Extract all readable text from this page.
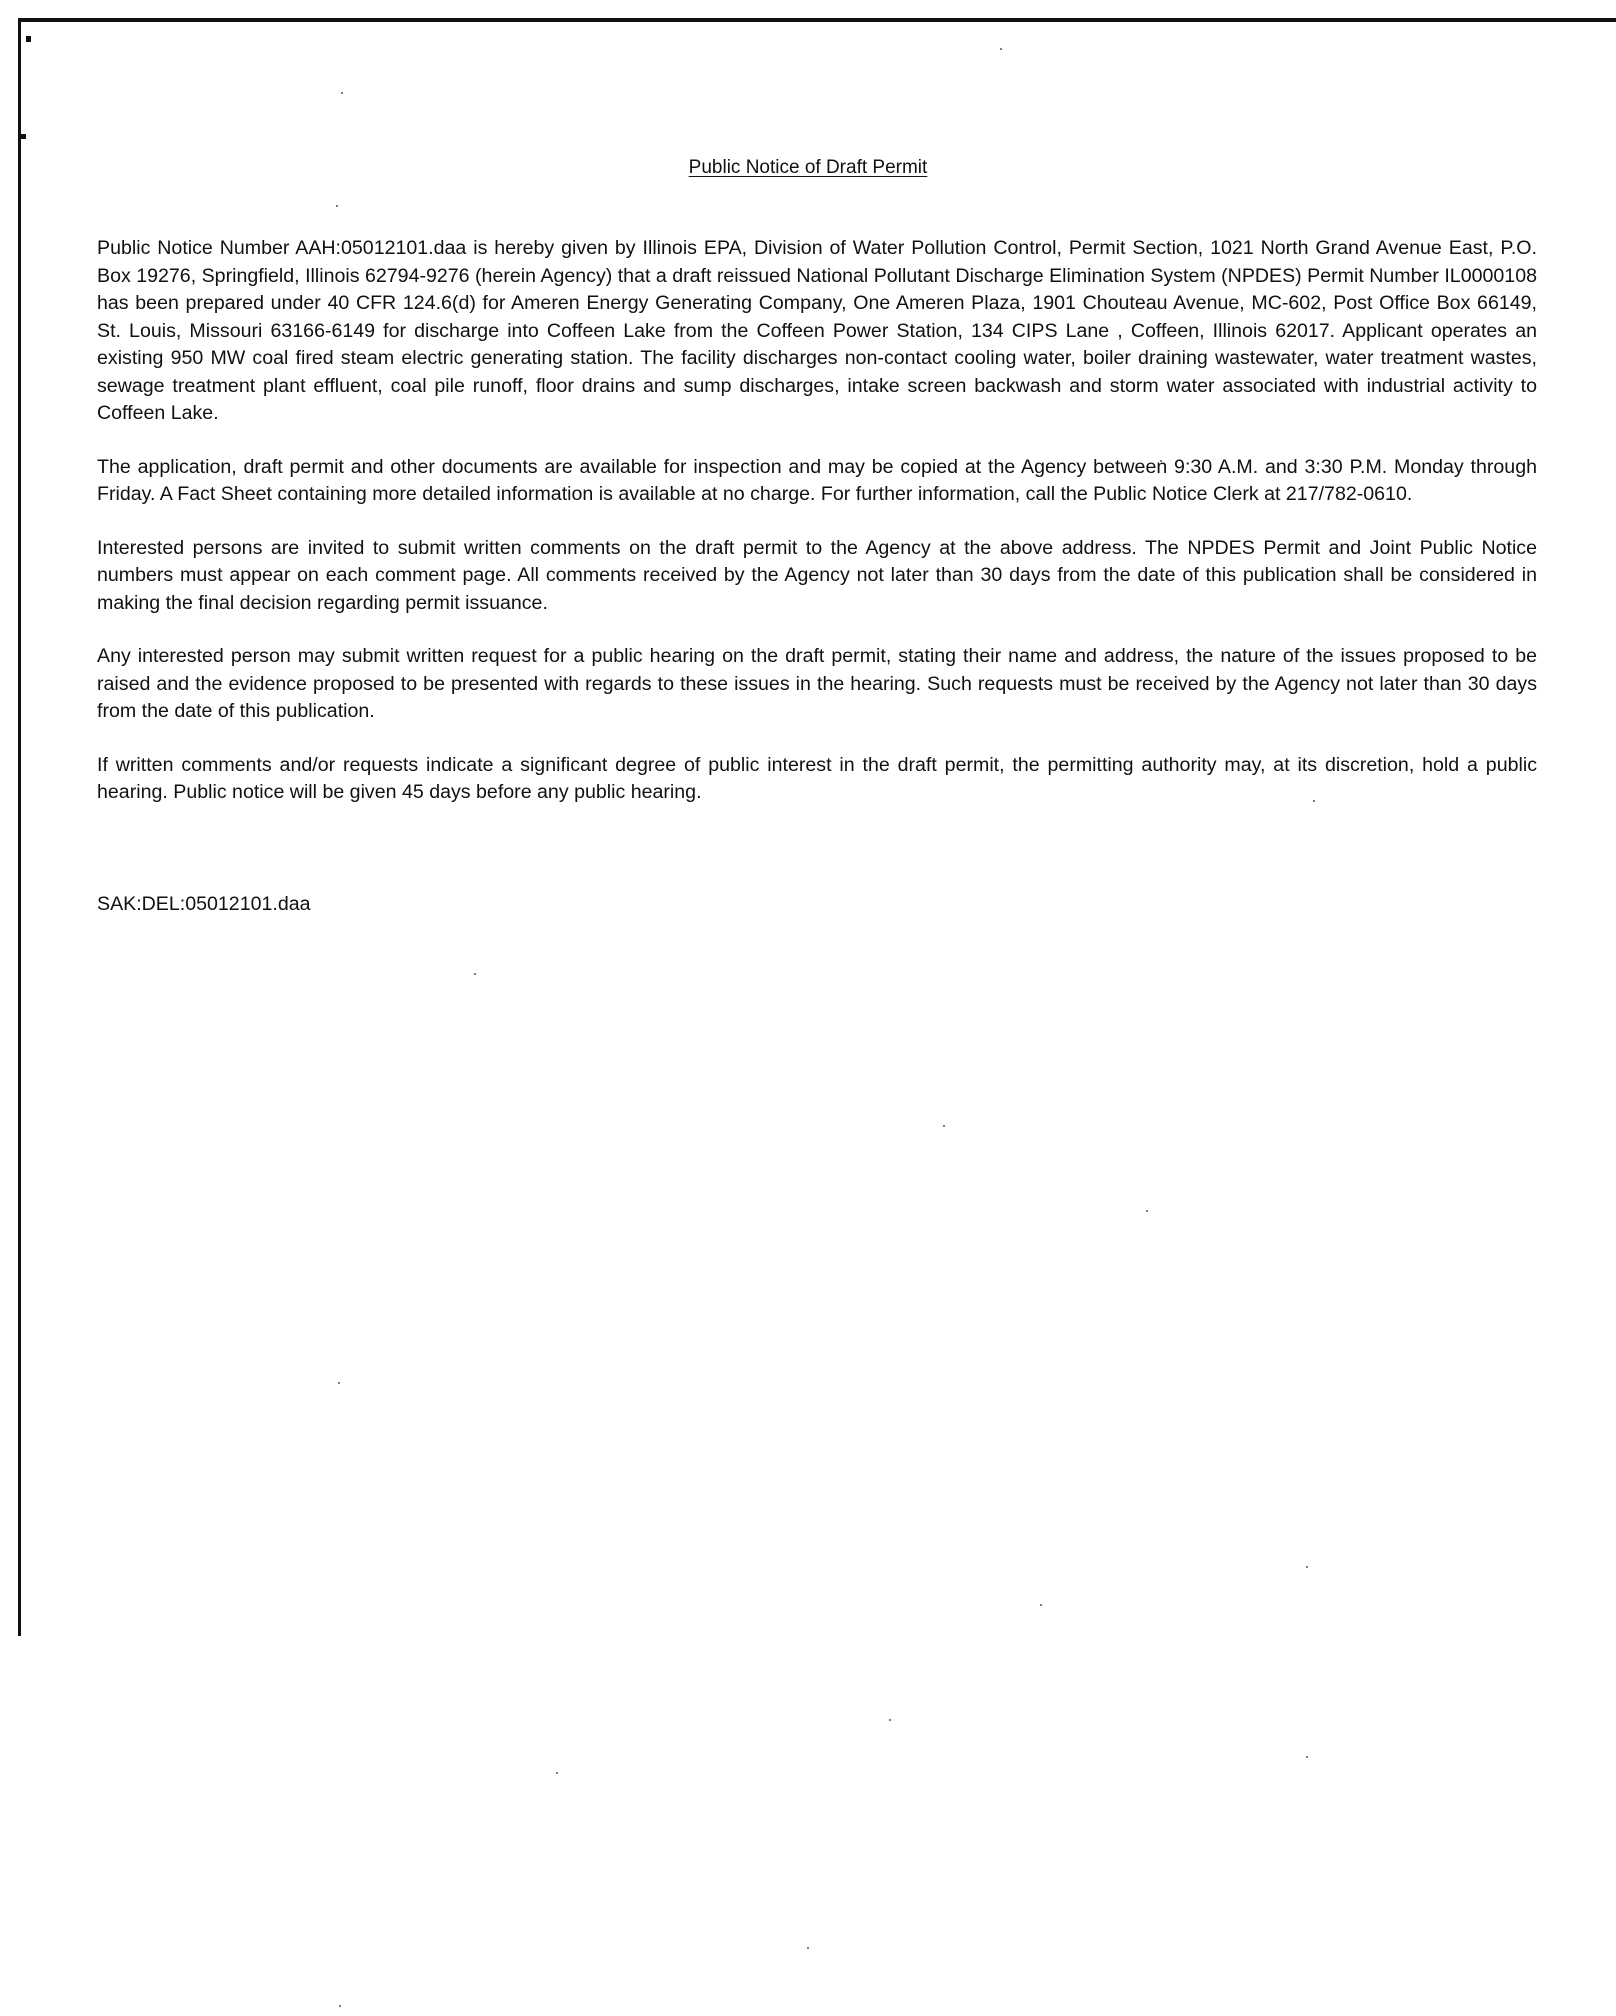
Public Notice of Draft Permit

Public Notice Number AAH:05012101.daa is hereby given by Illinois EPA, Division of Water Pollution Control, Permit Section, 1021 North Grand Avenue East, P.O. Box 19276, Springfield, Illinois 62794-9276 (herein Agency) that a draft reissued National Pollutant Discharge Elimination System (NPDES) Permit Number IL0000108 has been prepared under 40 CFR 124.6(d) for Ameren Energy Generating Company, One Ameren Plaza, 1901 Chouteau Avenue, MC-602, Post Office Box 66149, St. Louis, Missouri 63166-6149 for discharge into Coffeen Lake from the Coffeen Power Station, 134 CIPS Lane , Coffeen, Illinois 62017. Applicant operates an existing 950 MW coal fired steam electric generating station. The facility discharges non-contact cooling water, boiler draining wastewater, water treatment wastes, sewage treatment plant effluent, coal pile runoff, floor drains and sump discharges, intake screen backwash and storm water associated with industrial activity to Coffeen Lake.

The application, draft permit and other documents are available for inspection and may be copied at the Agency between 9:30 A.M. and 3:30 P.M. Monday through Friday. A Fact Sheet containing more detailed information is available at no charge. For further information, call the Public Notice Clerk at 217/782-0610.

Interested persons are invited to submit written comments on the draft permit to the Agency at the above address. The NPDES Permit and Joint Public Notice numbers must appear on each comment page. All comments received by the Agency not later than 30 days from the date of this publication shall be considered in making the final decision regarding permit issuance.

Any interested person may submit written request for a public hearing on the draft permit, stating their name and address, the nature of the issues proposed to be raised and the evidence proposed to be presented with regards to these issues in the hearing. Such requests must be received by the Agency not later than 30 days from the date of this publication.

If written comments and/or requests indicate a significant degree of public interest in the draft permit, the permitting authority may, at its discretion, hold a public hearing. Public notice will be given 45 days before any public hearing.

SAK:DEL:05012101.daa
